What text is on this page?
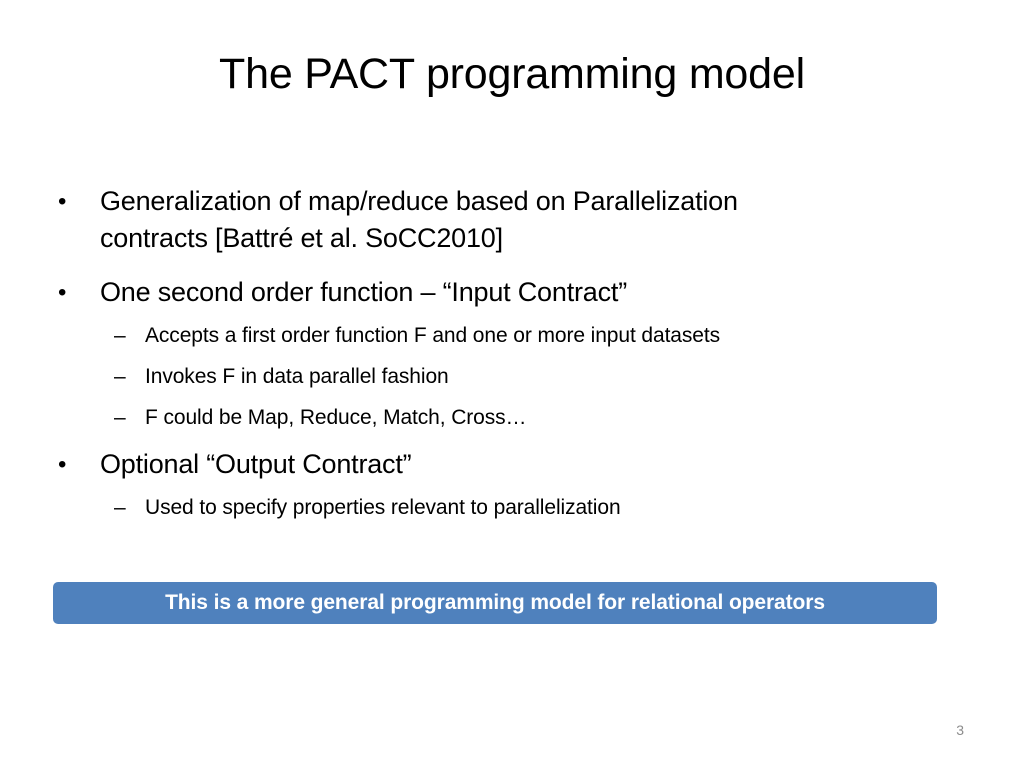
The PACT programming model
•	Generalization of map/reduce based on Parallelization
contracts [Battré et al. SoCC2010]
•	One second order function – “Input Contract”
– Accepts a first order function F and one or more input datasets
– Invokes F in data parallel fashion
– F could be Map, Reduce, Match, Cross…
•	Optional “Output Contract”
– Used to specify properties relevant to parallelization
This is a more general programming model for relational operators
3
